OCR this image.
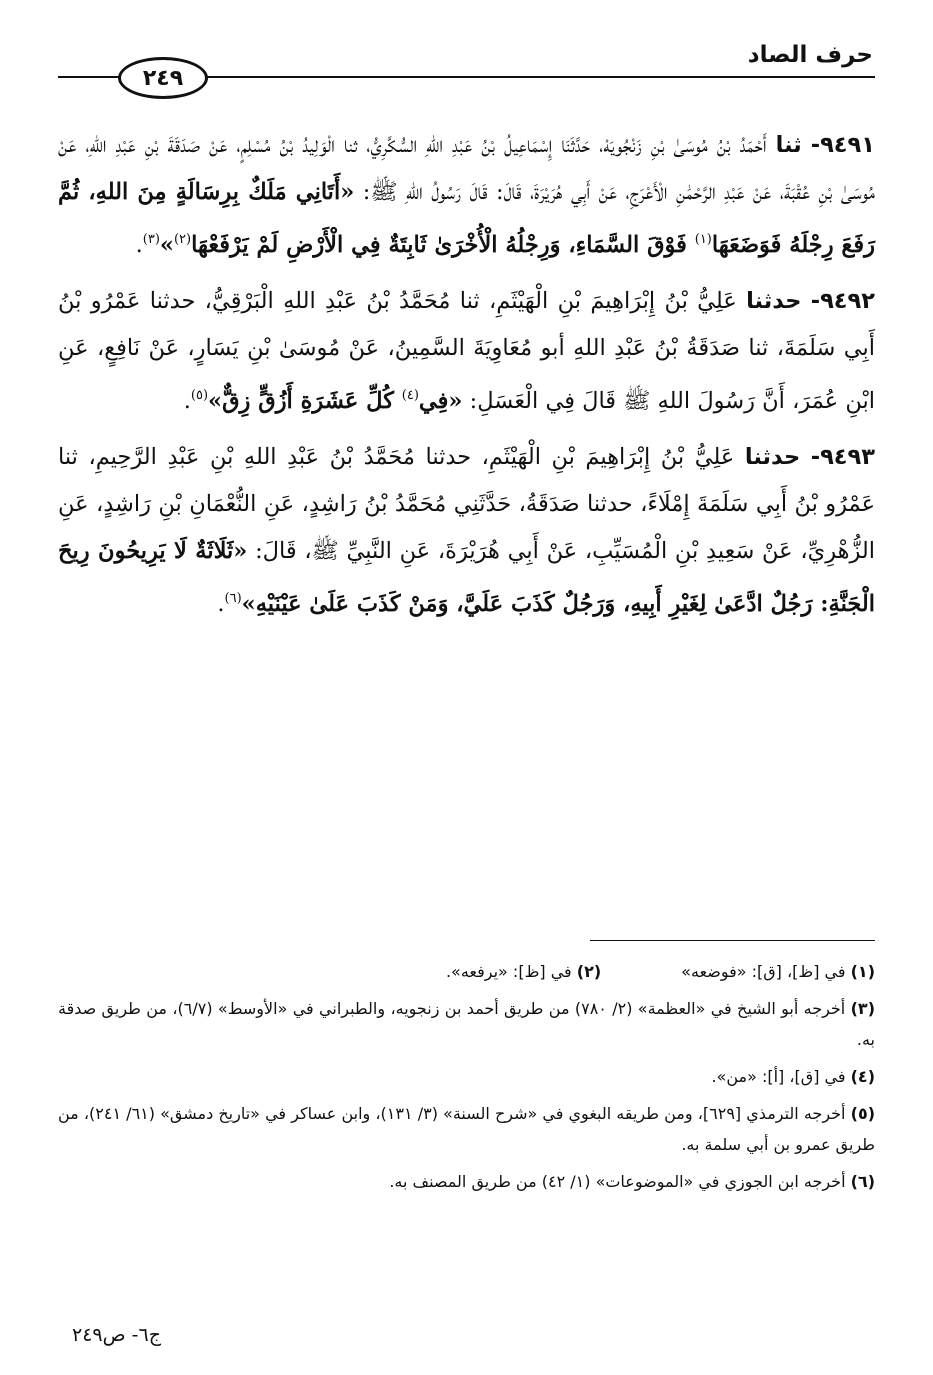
حرف الصاد
٢٤٩

٩٤٩١- ثنا أَحْمَدُ بْنُ مُوسَىٰ بْنِ زَنْجُويَهْ، حَدَّثَنَا إِسْمَاعِيلُ بْنُ عَبْدِ اللهِ السُّكَّرِيُّ، ثنا الْوَلِيدُ بْنُ مُسْلِمٍ، عَنْ صَدَقَةَ بْنِ عَبْدِ اللهِ، عَنْ مُوسَىٰ بْنِ عُقْبَةَ، عَنْ عَبْدِ الرَّحْمَٰنِ الْأَعْرَجِ، عَنْ أَبِي هُرَيْرَةَ، قَالَ: قَالَ رَسُولُ اللهِ ﷺ: «أَتَانِي مَلَكٌ بِرِسَالَةٍ مِنَ اللهِ، ثُمَّ رَفَعَ رِجْلَهُ فَوَضَعَهَا$^{(١)}$ فَوْقَ السَّمَاءِ، وَرِجْلُهُ الْأُخْرَىٰ ثَابِتَةٌ فِي الْأَرْضِ لَمْ يَرْفَعْهَا$^{(٢)}$»$^{(٣)}$.

٩٤٩٢- حدثنا عَلِيُّ بْنُ إِبْرَاهِيمَ بْنِ الْهَيْثَمِ، ثنا مُحَمَّدُ بْنُ عَبْدِ اللهِ الْبَرْقِيُّ، حدثنا عَمْرُو بْنُ أَبِي سَلَمَةَ، ثنا صَدَقَةُ بْنُ عَبْدِ اللهِ أبو مُعَاوِيَةَ السَّمِينُ، عَنْ مُوسَىٰ بْنِ يَسَارٍ، عَنْ نَافِعٍ، عَنِ ابْنِ عُمَرَ، أَنَّ رَسُولَ اللهِ ﷺ قَالَ فِي الْعَسَلِ: «فِي$^{(٤)}$ كُلِّ عَشَرَةِ أَزُقٍّ زِقٌّ»$^{(٥)}$.

٩٤٩٣- حدثنا عَلِيُّ بْنُ إِبْرَاهِيمَ بْنِ الْهَيْثَمِ، حدثنا مُحَمَّدُ بْنُ عَبْدِ اللهِ بْنِ عَبْدِ الرَّحِيمِ، ثنا عَمْرُو بْنُ أَبِي سَلَمَةَ إِمْلَاءً، حدثنا صَدَقَةُ، حَدَّثَنِي مُحَمَّدُ بْنُ رَاشِدٍ، عَنِ النُّعْمَانِ بْنِ رَاشِدٍ، عَنِ الزُّهْرِيِّ، عَنْ سَعِيدِ بْنِ الْمُسَيِّبِ، عَنْ أَبِي هُرَيْرَةَ، عَنِ النَّبِيِّ ﷺ، قَالَ: «ثَلَاثَةٌ لَا يَرِيحُونَ رِيحَ الْجَنَّةِ: رَجُلٌ ادَّعَىٰ لِغَيْرِ أَبِيهِ، وَرَجُلٌ كَذَبَ عَلَيَّ، وَمَنْ كَذَبَ عَلَىٰ عَيْنَيْهِ»$^{(٦)}$.

(١) في [ظ]، [ق]: «فوضعه»
(٢) في [ظ]: «يرفعه».
(٣) أخرجه أبو الشيخ في «العظمة» (٢/ ٧٨٠) من طريق أحمد بن زنجويه، والطبراني في «الأوسط» (٦/٧)، من طريق صدقة به.
(٤) في [ق]، [أ]: «من».
(٥) أخرجه الترمذي [٦٢٩]، ومن طريقه البغوي في «شرح السنة» (٣/ ١٣١)، وابن عساكر في «تاريخ دمشق» (٦١/ ٢٤١)، من طريق عمرو بن أبي سلمة به.
(٦) أخرجه ابن الجوزي في «الموضوعات» (١/ ٤٢) من طريق المصنف به.
ج٦- ص٢٤٩
